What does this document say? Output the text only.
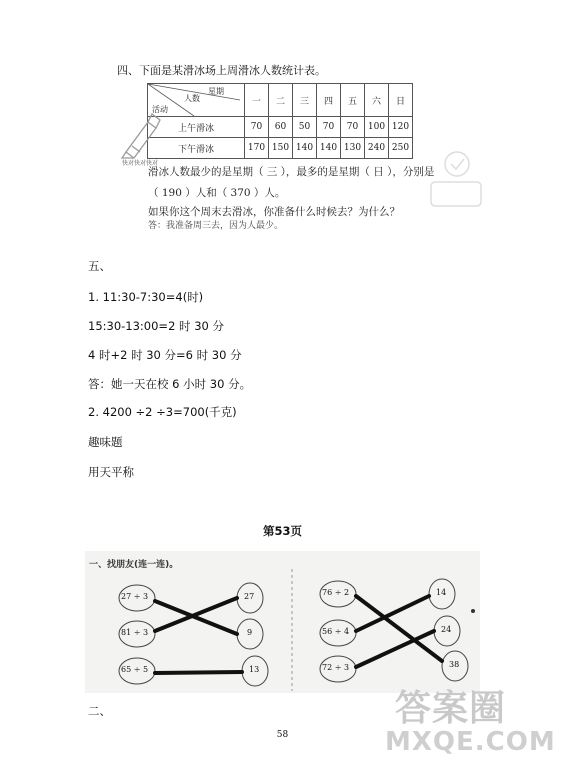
四、下面是某滑冰场上周滑冰人数统计表。
星期
人数
活动	一	二	三	四	五	六	日
上午滑冰	70	60	50	70	70	100	120
下午滑冰	170	150	140	140	130	240	250
快对快对快对
滑冰人数最少的是星期（ 三 ），最多的是星期（ 日 ），分别是
（ 190 ）人和（ 370 ）人。
如果你这个周末去滑冰，你准备什么时候去？为什么？
答：我准备周三去，因为人最少。
五、
1. 11:30-7:30=4(时)
15:30-13:00=2 时 30 分
4 时+2 时 30 分=6 时 30 分
答：她一天在校 6 小时 30 分。
2. 4200 ÷2 ÷3=700(千克)
趣味题
用天平称
第53页
一、找朋友(连一连)。
27 ÷ 3
81 ÷ 3
65 ÷ 5
27
9
13
76 ÷ 2
56 ÷ 4
72 ÷ 3
14
24
38
二、
58
答案圈
MXQE.COM
